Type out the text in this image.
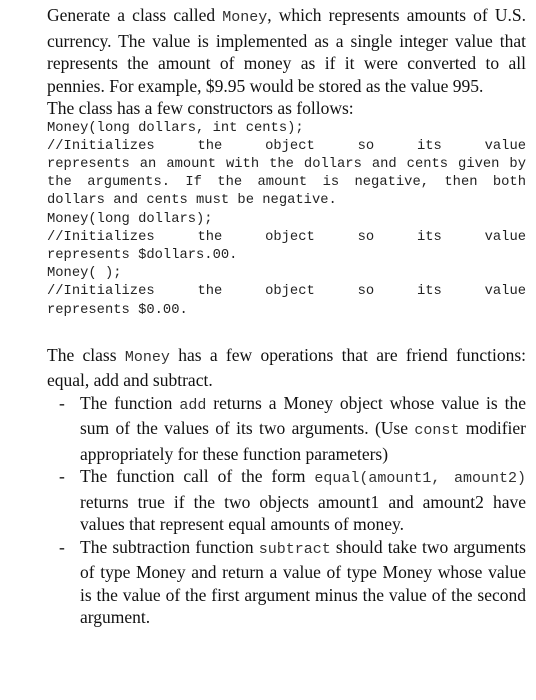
Generate a class called Money, which represents amounts of U.S. currency. The value is implemented as a single integer value that represents the amount of money as if it were converted to all pennies. For example, $9.95 would be stored as the value 995.

The class has a few constructors as follows:

Money(long dollars, int cents);
//Initializes the object so its value
represents an amount with the dollars and cents given by the arguments. If the amount is negative, then both dollars and cents must be negative.
Money(long dollars);
//Initializes the object so its value
represents $dollars.00.
Money( );
//Initializes the object so its value
represents $0.00.

The class Money has a few operations that are friend functions: equal, add and subtract.

- The function add returns a Money object whose value is the sum of the values of its two arguments. (Use const modifier appropriately for these function parameters)
- The function call of the form equal(amount1, amount2) returns true if the two objects amount1 and amount2 have values that represent equal amounts of money.
- The subtraction function subtract should take two arguments of type Money and return a value of type Money whose value is the value of the first argument minus the value of the second argument.
